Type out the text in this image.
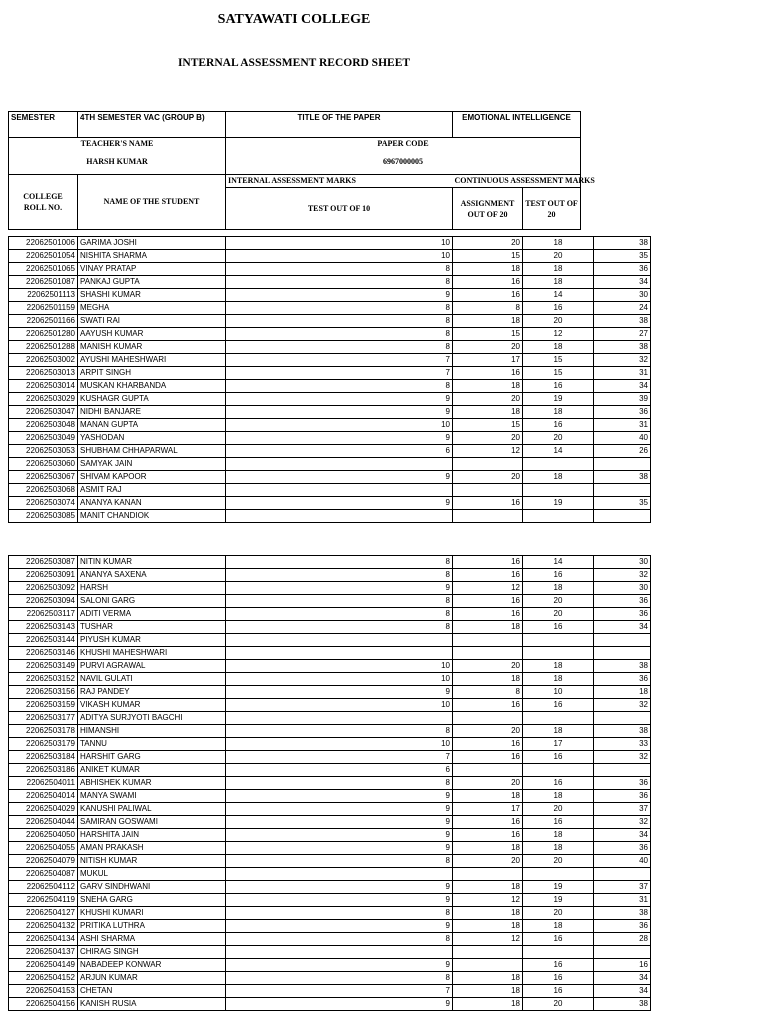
SATYAWATI COLLEGE
INTERNAL ASSESSMENT RECORD SHEET
SEMESTER	4TH SEMESTER VAC (GROUP B)	TITLE OF THE PAPER	EMOTIONAL INTELLIGENCE	
TEACHER'S NAME		PAPER CODE		
HARSH KUMAR		6967000005		
COLLEGE ROLL NO.	NAME OF THE STUDENT	INTERNAL ASSESSMENT MARKS	CONTINUOUS ASSESSMENT MARKS	
		TEST OUT OF 10	ASSIGNMENT OUT OF 20	TEST OUT OF 20
22062501006	GARIMA JOSHI	10	20	18	38
22062501054	NISHITA SHARMA	10	15	20	35
22062501065	VINAY PRATAP	8	18	18	36
22062501087	PANKAJ GUPTA	8	16	18	34
22062501113	SHASHI KUMAR	9	16	14	30
22062501159	MEGHA	8	8	16	24
22062501166	SWATI RAI	8	18	20	38
22062501280	AAYUSH KUMAR	8	15	12	27
22062501288	MANISH KUMAR	8	20	18	38
22062503002	AYUSHI MAHESHWARI	7	17	15	32
22062503013	ARPIT SINGH	7	16	15	31
22062503014	MUSKAN KHARBANDA	8	18	16	34
22062503029	KUSHAGR GUPTA	9	20	19	39
22062503047	NIDHI BANJARE	9	18	18	36
22062503048	MANAN GUPTA	10	15	16	31
22062503049	YASHODAN	9	20	20	40
22062503053	SHUBHAM CHHAPARWAL	6	12	14	26
22062503060	SAMYAK JAIN				
22062503067	SHIVAM KAPOOR	9	20	18	38
22062503068	ASMIT RAJ				
22062503074	ANANYA KANAN	9	16	19	35
22062503085	MANIT CHANDIOK				
22062503087	NITIN KUMAR	8	16	14	30
22062503091	ANANYA SAXENA	8	16	16	32
22062503092	HARSH	9	12	18	30
22062503094	SALONI GARG	8	16	20	36
22062503117	ADITI VERMA	8	16	20	36
22062503143	TUSHAR	8	18	16	34
22062503144	PIYUSH KUMAR				
22062503146	KHUSHI MAHESHWARI				
22062503149	PURVI AGRAWAL	10	20	18	38
22062503152	NAVIL GULATI	10	18	18	36
22062503156	RAJ PANDEY	9	8	10	18
22062503159	VIKASH KUMAR	10	16	16	32
22062503177	ADITYA SURJYOTI BAGCHI				
22062503178	HIMANSHI	8	20	18	38
22062503179	TANNU	10	16	17	33
22062503184	HARSHIT GARG	7	16	16	32
22062503186	ANIKET KUMAR	6			
22062504011	ABHISHEK KUMAR	8	20	16	36
22062504014	MANYA SWAMI	9	18	18	36
22062504029	KANUSHI PALIWAL	9	17	20	37
22062504044	SAMIRAN GOSWAMI	9	16	16	32
22062504050	HARSHITA JAIN	9	16	18	34
22062504055	AMAN PRAKASH	9	18	18	36
22062504079	NITISH KUMAR	8	20	20	40
22062504087	MUKUL				
22062504112	GARV SINDHWANI	9	18	19	37
22062504119	SNEHA GARG	9	12	19	31
22062504127	KHUSHI KUMARI	8	18	20	38
22062504132	PRITIKA LUTHRA	9	18	18	36
22062504134	ASHI SHARMA	8	12	16	28
22062504137	CHIRAG SINGH				
22062504149	NABADEEP KONWAR	9		16	16
22062504152	ARJUN KUMAR	8	18	16	34
22062504153	CHETAN	7	18	16	34
22062504156	KANISH RUSIA	9	18	20	38
